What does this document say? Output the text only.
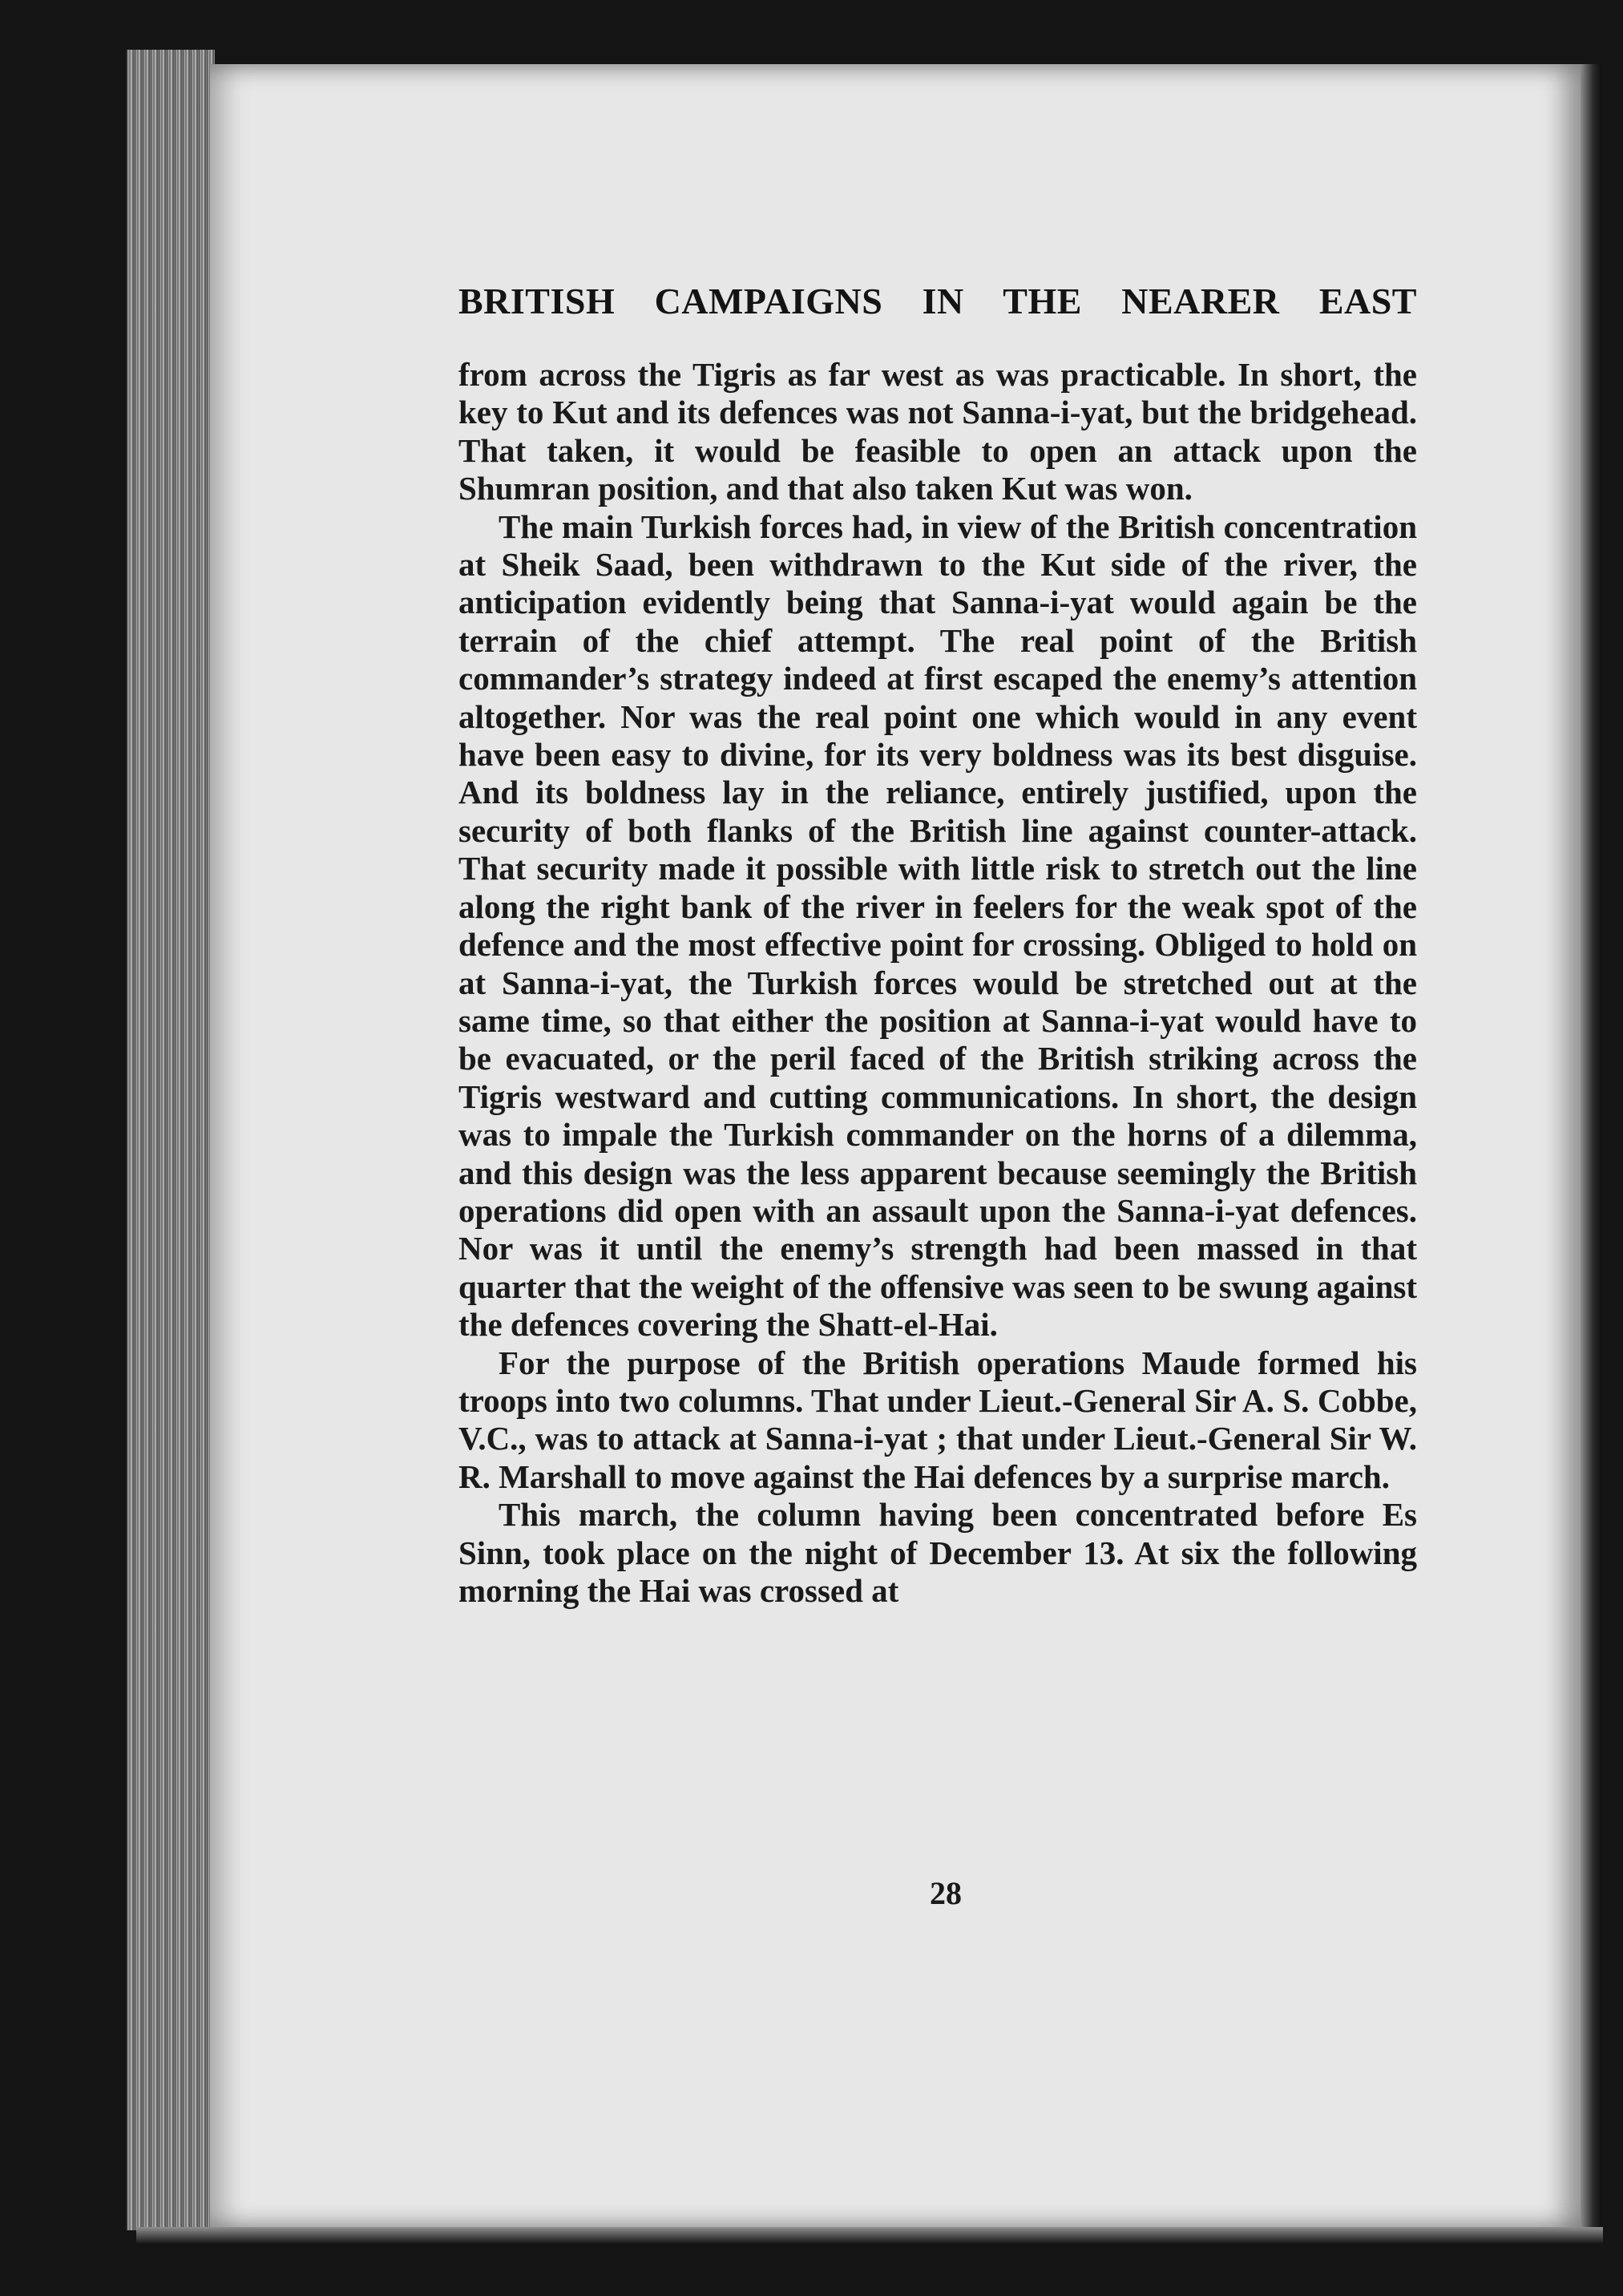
BRITISH CAMPAIGNS IN THE NEARER EAST

from across the Tigris as far west as was practicable. In short, the key to Kut and its defences was not Sanna-i-yat, but the bridgehead. That taken, it would be feasible to open an attack upon the Shumran position, and that also taken Kut was won.

The main Turkish forces had, in view of the British concentration at Sheik Saad, been withdrawn to the Kut side of the river, the anticipation evidently being that Sanna-i-yat would again be the terrain of the chief attempt. The real point of the British commander’s strategy indeed at first escaped the enemy’s attention altogether. Nor was the real point one which would in any event have been easy to divine, for its very boldness was its best disguise. And its boldness lay in the reliance, entirely justified, upon the security of both flanks of the British line against counter-attack. That security made it possible with little risk to stretch out the line along the right bank of the river in feelers for the weak spot of the defence and the most effective point for crossing. Obliged to hold on at Sanna-i-yat, the Turkish forces would be stretched out at the same time, so that either the position at Sanna-i-yat would have to be evacuated, or the peril faced of the British striking across the Tigris westward and cutting communications. In short, the design was to impale the Turkish commander on the horns of a dilemma, and this design was the less apparent because seemingly the British operations did open with an assault upon the Sanna-i-yat defences. Nor was it until the enemy’s strength had been massed in that quarter that the weight of the offensive was seen to be swung against the defences covering the Shatt-el-Hai.

For the purpose of the British operations Maude formed his troops into two columns. That under Lieut.-General Sir A. S. Cobbe, V.C., was to attack at Sanna-i-yat ; that under Lieut.-General Sir W. R. Marshall to move against the Hai defences by a surprise march.

This march, the column having been concentrated before Es Sinn, took place on the night of December 13. At six the following morning the Hai was crossed at

28
